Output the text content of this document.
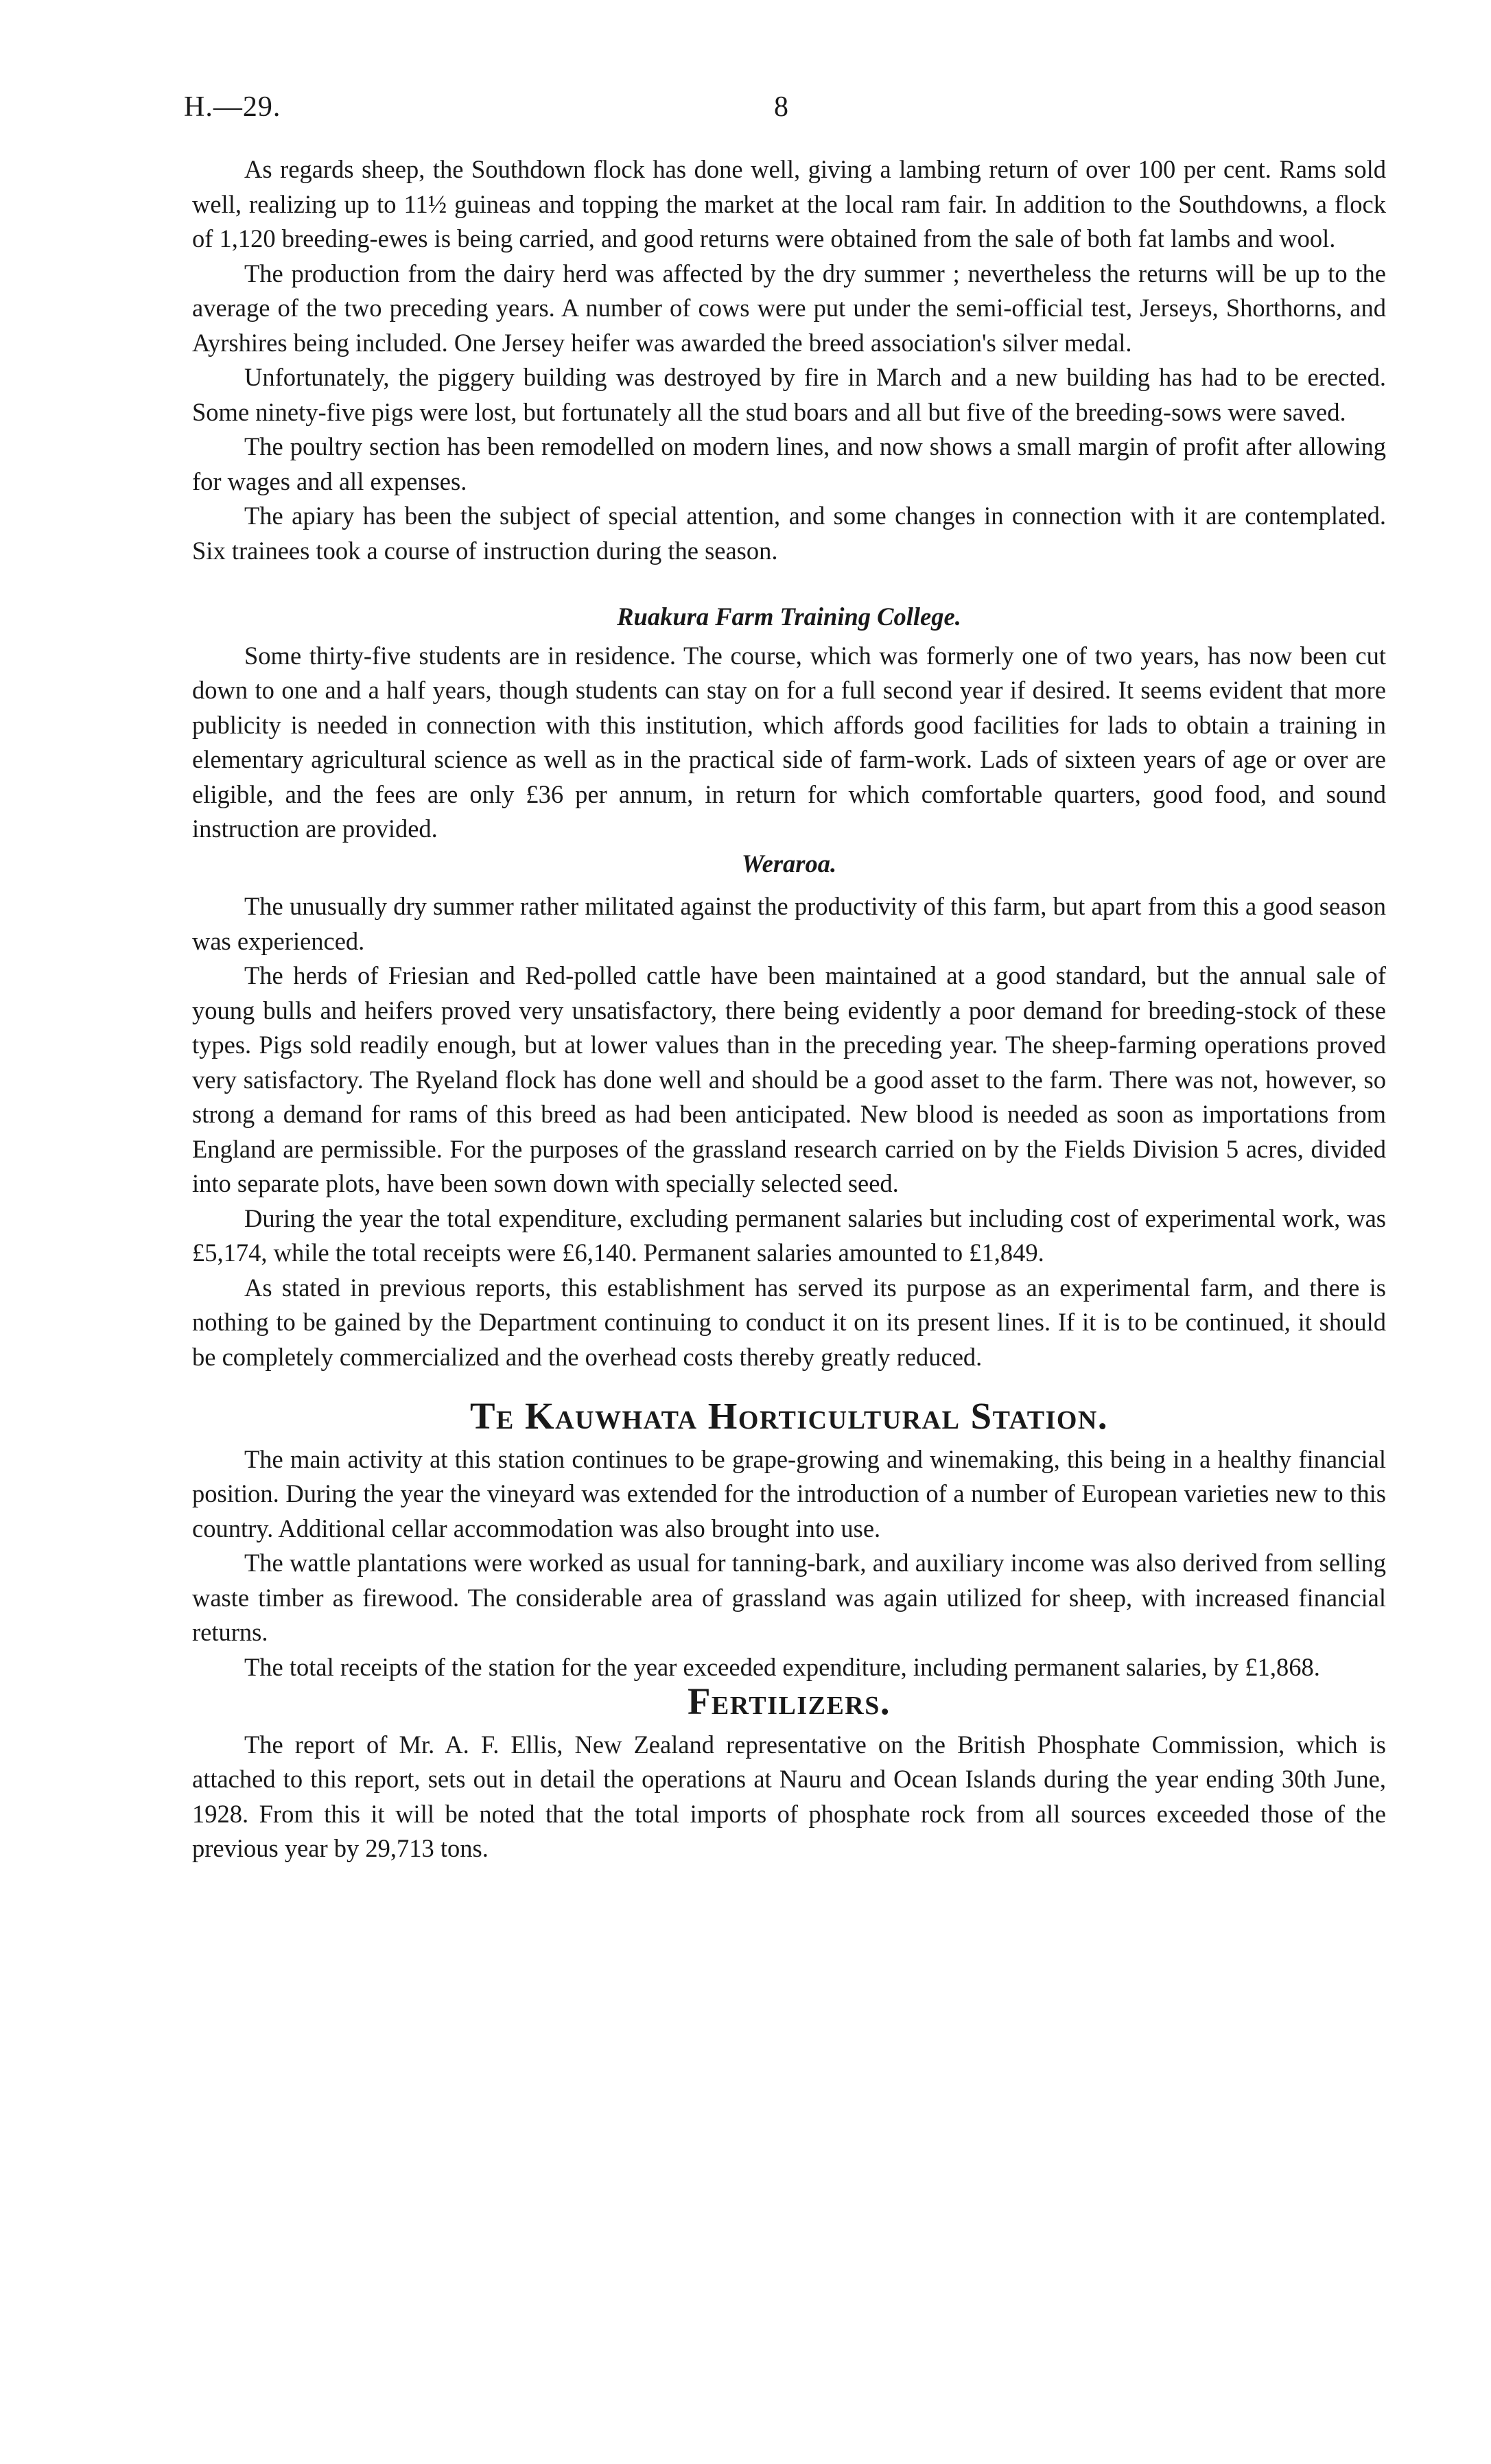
H.—29.	8

As regards sheep, the Southdown flock has done well, giving a lambing return of over 100 per cent. Rams sold well, realizing up to 11½ guineas and topping the market at the local ram fair. In addition to the Southdowns, a flock of 1,120 breeding-ewes is being carried, and good returns were obtained from the sale of both fat lambs and wool.

The production from the dairy herd was affected by the dry summer ; nevertheless the returns will be up to the average of the two preceding years. A number of cows were put under the semi-official test, Jerseys, Shorthorns, and Ayrshires being included. One Jersey heifer was awarded the breed association's silver medal.

Unfortunately, the piggery building was destroyed by fire in March and a new building has had to be erected. Some ninety-five pigs were lost, but fortunately all the stud boars and all but five of the breeding-sows were saved.

The poultry section has been remodelled on modern lines, and now shows a small margin of profit after allowing for wages and all expenses.

The apiary has been the subject of special attention, and some changes in connection with it are contemplated. Six trainees took a course of instruction during the season.

Ruakura Farm Training College.

Some thirty-five students are in residence. The course, which was formerly one of two years, has now been cut down to one and a half years, though students can stay on for a full second year if desired. It seems evident that more publicity is needed in connection with this institution, which affords good facilities for lads to obtain a training in elementary agricultural science as well as in the practical side of farm-work. Lads of sixteen years of age or over are eligible, and the fees are only £36 per annum, in return for which comfortable quarters, good food, and sound instruction are provided.

Weraroa.

The unusually dry summer rather militated against the productivity of this farm, but apart from this a good season was experienced.

The herds of Friesian and Red-polled cattle have been maintained at a good standard, but the annual sale of young bulls and heifers proved very unsatisfactory, there being evidently a poor demand for breeding-stock of these types. Pigs sold readily enough, but at lower values than in the preceding year. The sheep-farming operations proved very satisfactory. The Ryeland flock has done well and should be a good asset to the farm. There was not, however, so strong a demand for rams of this breed as had been anticipated. New blood is needed as soon as importations from England are permissible. For the purposes of the grassland research carried on by the Fields Division 5 acres, divided into separate plots, have been sown down with specially selected seed.

During the year the total expenditure, excluding permanent salaries but including cost of experimental work, was £5,174, while the total receipts were £6,140. Permanent salaries amounted to £1,849.

As stated in previous reports, this establishment has served its purpose as an experimental farm, and there is nothing to be gained by the Department continuing to conduct it on its present lines. If it is to be continued, it should be completely commercialized and the overhead costs thereby greatly reduced.

Te Kauwhata Horticultural Station.

The main activity at this station continues to be grape-growing and winemaking, this being in a healthy financial position. During the year the vineyard was extended for the introduction of a number of European varieties new to this country. Additional cellar accommodation was also brought into use.

The wattle plantations were worked as usual for tanning-bark, and auxiliary income was also derived from selling waste timber as firewood. The considerable area of grassland was again utilized for sheep, with increased financial returns.

The total receipts of the station for the year exceeded expenditure, including permanent salaries, by £1,868.

Fertilizers.

The report of Mr. A. F. Ellis, New Zealand representative on the British Phosphate Commission, which is attached to this report, sets out in detail the operations at Nauru and Ocean Islands during the year ending 30th June, 1928. From this it will be noted that the total imports of phosphate rock from all sources exceeded those of the previous year by 29,713 tons.
